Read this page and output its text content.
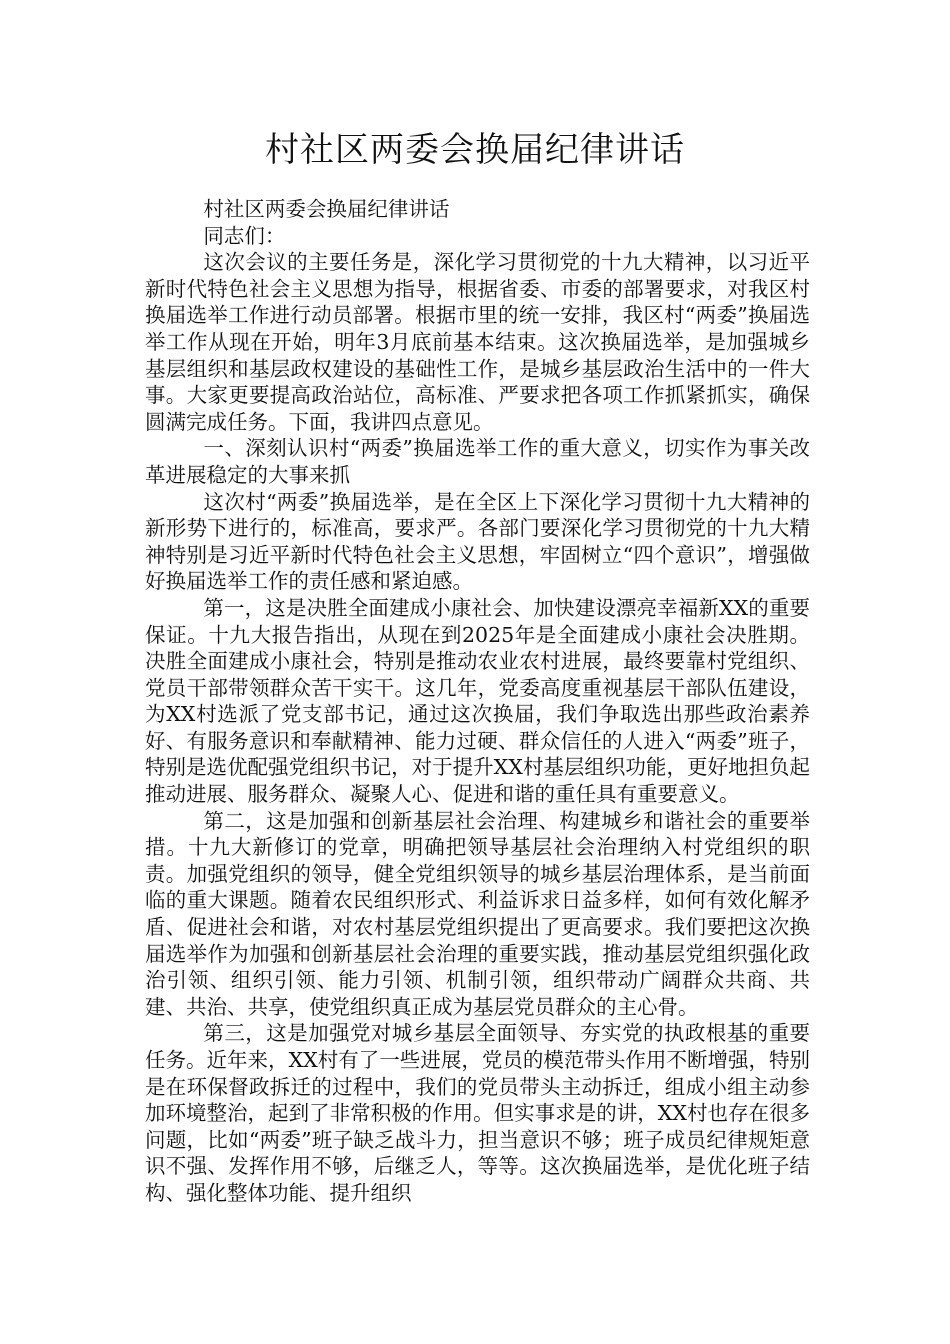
村社区两委会换届纪律讲话

村社区两委会换届纪律讲话

同志们：

这次会议的主要任务是，深化学习贯彻党的十九大精神，以习近平新时代特色社会主义思想为指导，根据省委、市委的部署要求，对我区村换届选举工作进行动员部署。根据市里的统一安排，我区村“两委”换届选举工作从现在开始，明年3月底前基本结束。这次换届选举，是加强城乡基层组织和基层政权建设的基础性工作，是城乡基层政治生活中的一件大事。大家更要提高政治站位，高标准、严要求把各项工作抓紧抓实，确保圆满完成任务。下面，我讲四点意见。

一、深刻认识村“两委”换届选举工作的重大意义，切实作为事关改革进展稳定的大事来抓

这次村“两委”换届选举，是在全区上下深化学习贯彻十九大精神的新形势下进行的，标准高，要求严。各部门要深化学习贯彻党的十九大精神特别是习近平新时代特色社会主义思想，牢固树立“四个意识”，增强做好换届选举工作的责任感和紧迫感。

第一，这是决胜全面建成小康社会、加快建设漂亮幸福新XX的重要保证。十九大报告指出，从现在到2025年是全面建成小康社会决胜期。决胜全面建成小康社会，特别是推动农业农村进展，最终要靠村党组织、党员干部带领群众苦干实干。这几年，党委高度重视基层干部队伍建设，为XX村选派了党支部书记，通过这次换届，我们争取选出那些政治素养好、有服务意识和奉献精神、能力过硬、群众信任的人进入“两委”班子，特别是选优配强党组织书记，对于提升XX村基层组织功能，更好地担负起推动进展、服务群众、凝聚人心、促进和谐的重任具有重要意义。

第二，这是加强和创新基层社会治理、构建城乡和谐社会的重要举措。十九大新修订的党章，明确把领导基层社会治理纳入村党组织的职责。加强党组织的领导，健全党组织领导的城乡基层治理体系，是当前面临的重大课题。随着农民组织形式、利益诉求日益多样，如何有效化解矛盾、促进社会和谐，对农村基层党组织提出了更高要求。我们要把这次换届选举作为加强和创新基层社会治理的重要实践，推动基层党组织强化政治引领、组织引领、能力引领、机制引领，组织带动广阔群众共商、共建、共治、共享，使党组织真正成为基层党员群众的主心骨。

第三，这是加强党对城乡基层全面领导、夯实党的执政根基的重要任务。近年来，XX村有了一些进展，党员的模范带头作用不断增强，特别是在环保督政拆迁的过程中，我们的党员带头主动拆迁，组成小组主动参加环境整治，起到了非常积极的作用。但实事求是的讲，XX村也存在很多问题，比如“两委”班子缺乏战斗力，担当意识不够；班子成员纪律规矩意识不强、发挥作用不够，后继乏人，等等。这次换届选举，是优化班子结构、强化整体功能、提升组织
